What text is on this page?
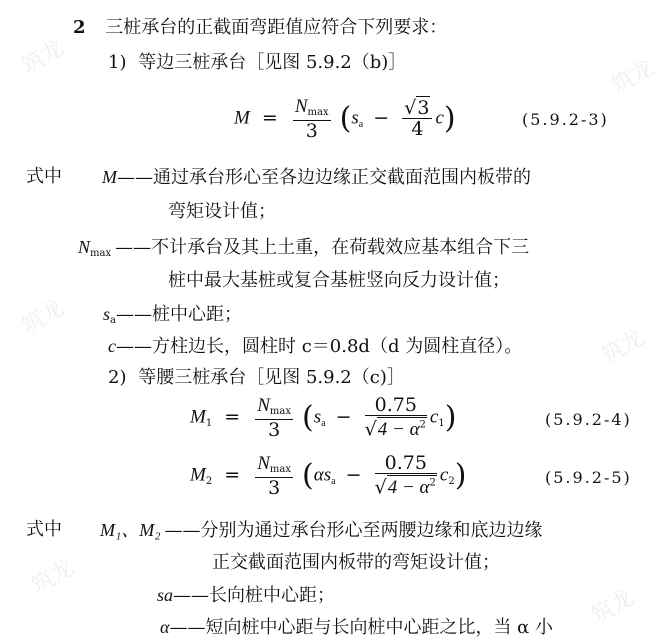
筑龙	筑龙
筑龙
筑龙
筑龙
筑龙
2 三桩承台的正截面弯距值应符合下列要求：
1) 等边三桩承台［见图 5.9.2（b)］
$M = \frac{Nmax}{3} (sa - \frac{√3}{4} c)$	(5.9.2-3)
式中 M——通过承台形心至各边边缘正交截面范围内板带的
弯矩设计值；
Nmax ——不计承台及其上土重，在荷载效应基本组合下三
桩中最大基桩或复合基桩竖向反力设计值；
sa——桩中心距；
c——方柱边长，圆柱时 c＝0.8d（d 为圆柱直径）。
2) 等腰三桩承台［见图 5.9.2（c)］
$M1 = \frac{Nmax}{3} (sa - \frac{0.75}{√4 - \alpha^2} c1)$	(5.9.2-4)
$M2 = \frac{Nmax}{3} (\alpha sa - \frac{0.75}{√4 - \alpha^2} c2)$	(5.9.2-5)
式中 M₁、M₂ ——分别为通过承台形心至两腰边缘和底边边缘
正交截面范围内板带的弯矩设计值；
sa——长向桩中心距；
α——短向桩中心距与长向桩中心距之比，当 α 小
